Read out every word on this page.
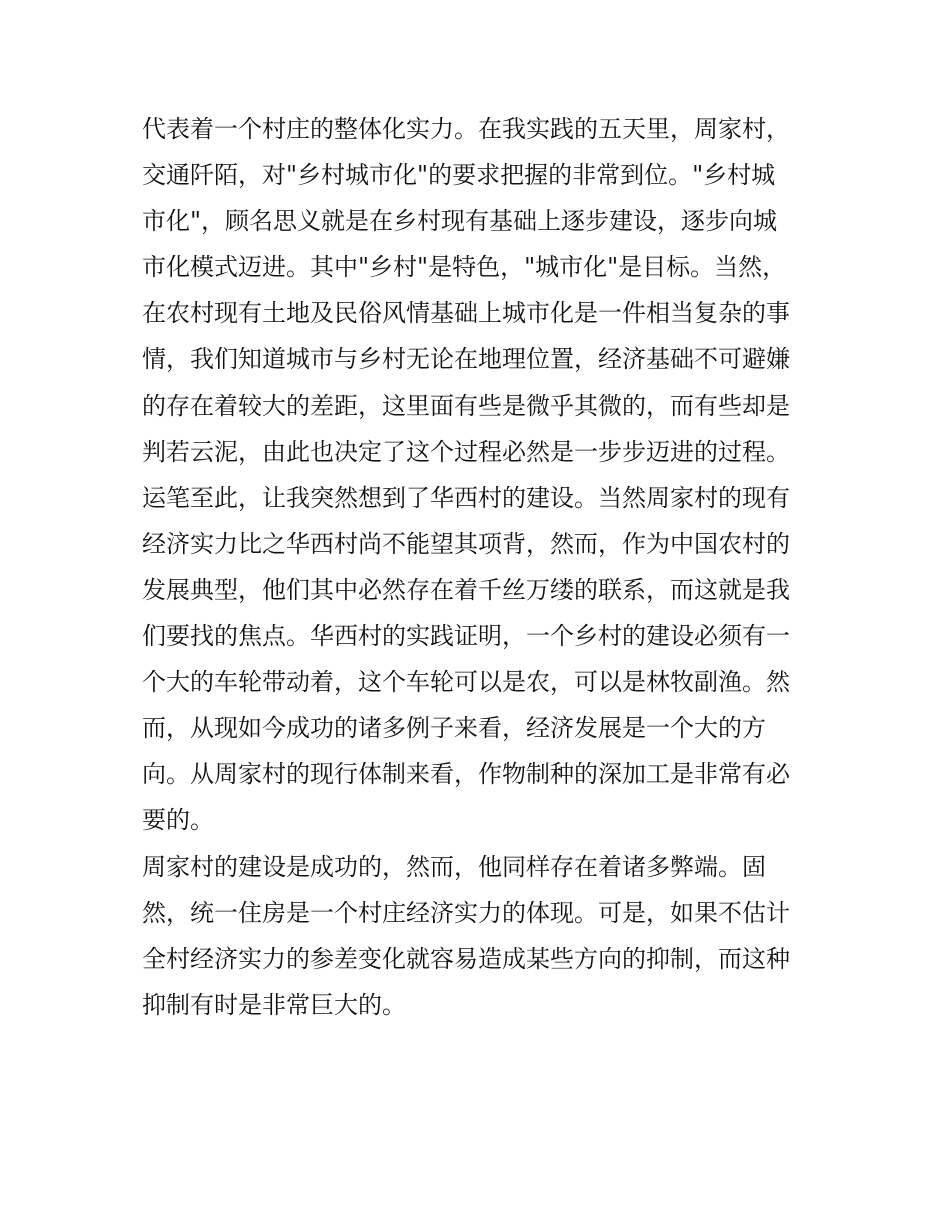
代表着一个村庄的整体化实力。在我实践的五天里，周家村，
交通阡陌，对"乡村城市化"的要求把握的非常到位。"乡村城
市化"，顾名思义就是在乡村现有基础上逐步建设，逐步向城
市化模式迈进。其中"乡村"是特色，"城市化"是目标。当然，
在农村现有土地及民俗风情基础上城市化是一件相当复杂的事
情，我们知道城市与乡村无论在地理位置，经济基础不可避嫌
的存在着较大的差距，这里面有些是微乎其微的，而有些却是
判若云泥，由此也决定了这个过程必然是一步步迈进的过程。
运笔至此，让我突然想到了华西村的建设。当然周家村的现有
经济实力比之华西村尚不能望其项背，然而，作为中国农村的
发展典型，他们其中必然存在着千丝万缕的联系，而这就是我
们要找的焦点。华西村的实践证明，一个乡村的建设必须有一
个大的车轮带动着，这个车轮可以是农，可以是林牧副渔。然
而，从现如今成功的诸多例子来看，经济发展是一个大的方
向。从周家村的现行体制来看，作物制种的深加工是非常有必
要的。
周家村的建设是成功的，然而，他同样存在着诸多弊端。固
然，统一住房是一个村庄经济实力的体现。可是，如果不估计
全村经济实力的参差变化就容易造成某些方向的抑制，而这种
抑制有时是非常巨大的。
